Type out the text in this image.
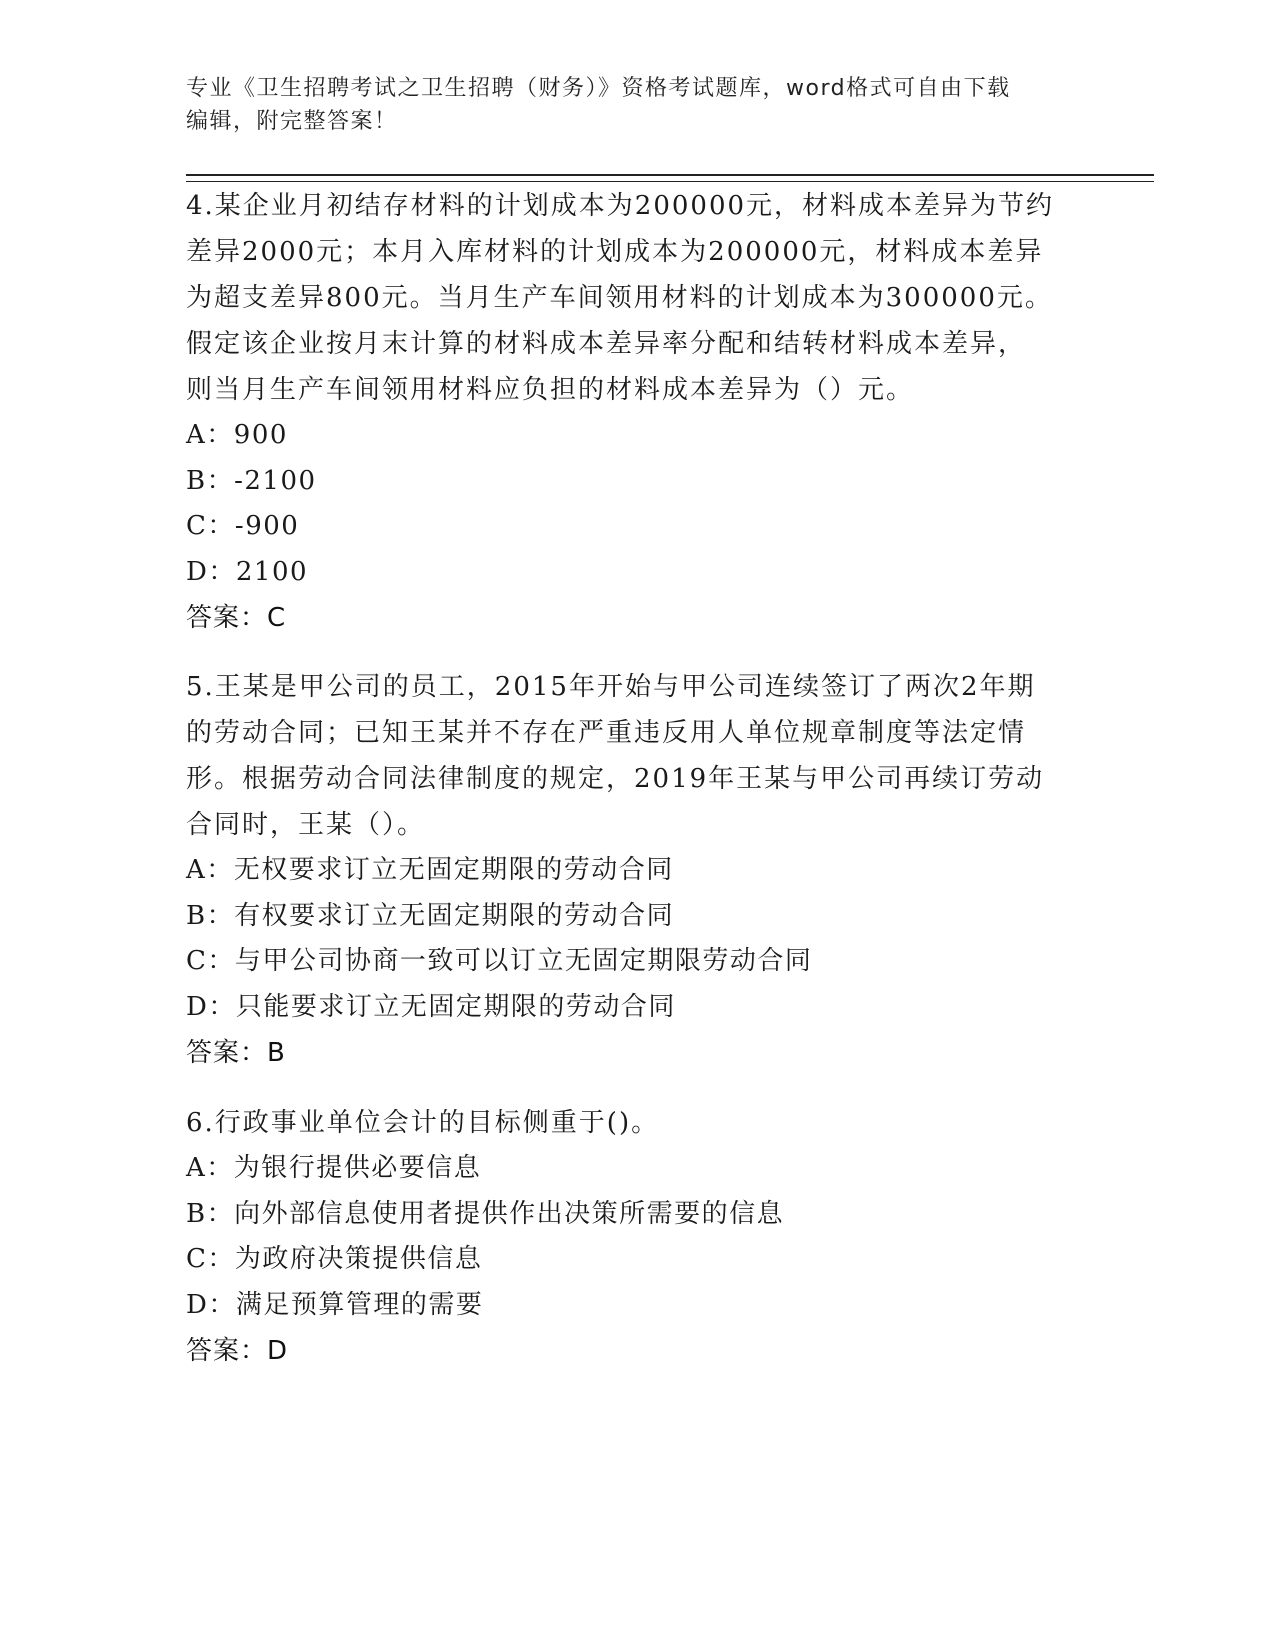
专业《卫生招聘考试之卫生招聘（财务）》资格考试题库，word格式可自由下载
编辑，附完整答案！

4.某企业月初结存材料的计划成本为200000元，材料成本差异为节约

差异2000元；本月入库材料的计划成本为200000元，材料成本差异

为超支差异800元。当月生产车间领用材料的计划成本为300000元。

假定该企业按月末计算的材料成本差异率分配和结转材料成本差异，

则当月生产车间领用材料应负担的材料成本差异为（）元。

A：900

B：-2100

C：-900

D：2100

答案：C

5.王某是甲公司的员工，2015年开始与甲公司连续签订了两次2年期

的劳动合同；已知王某并不存在严重违反用人单位规章制度等法定情

形。根据劳动合同法律制度的规定，2019年王某与甲公司再续订劳动

合同时，王某（）。

A：无权要求订立无固定期限的劳动合同

B：有权要求订立无固定期限的劳动合同

C：与甲公司协商一致可以订立无固定期限劳动合同

D：只能要求订立无固定期限的劳动合同

答案：B

6.行政事业单位会计的目标侧重于()。

A：为银行提供必要信息

B：向外部信息使用者提供作出决策所需要的信息

C：为政府决策提供信息

D：满足预算管理的需要

答案：D
